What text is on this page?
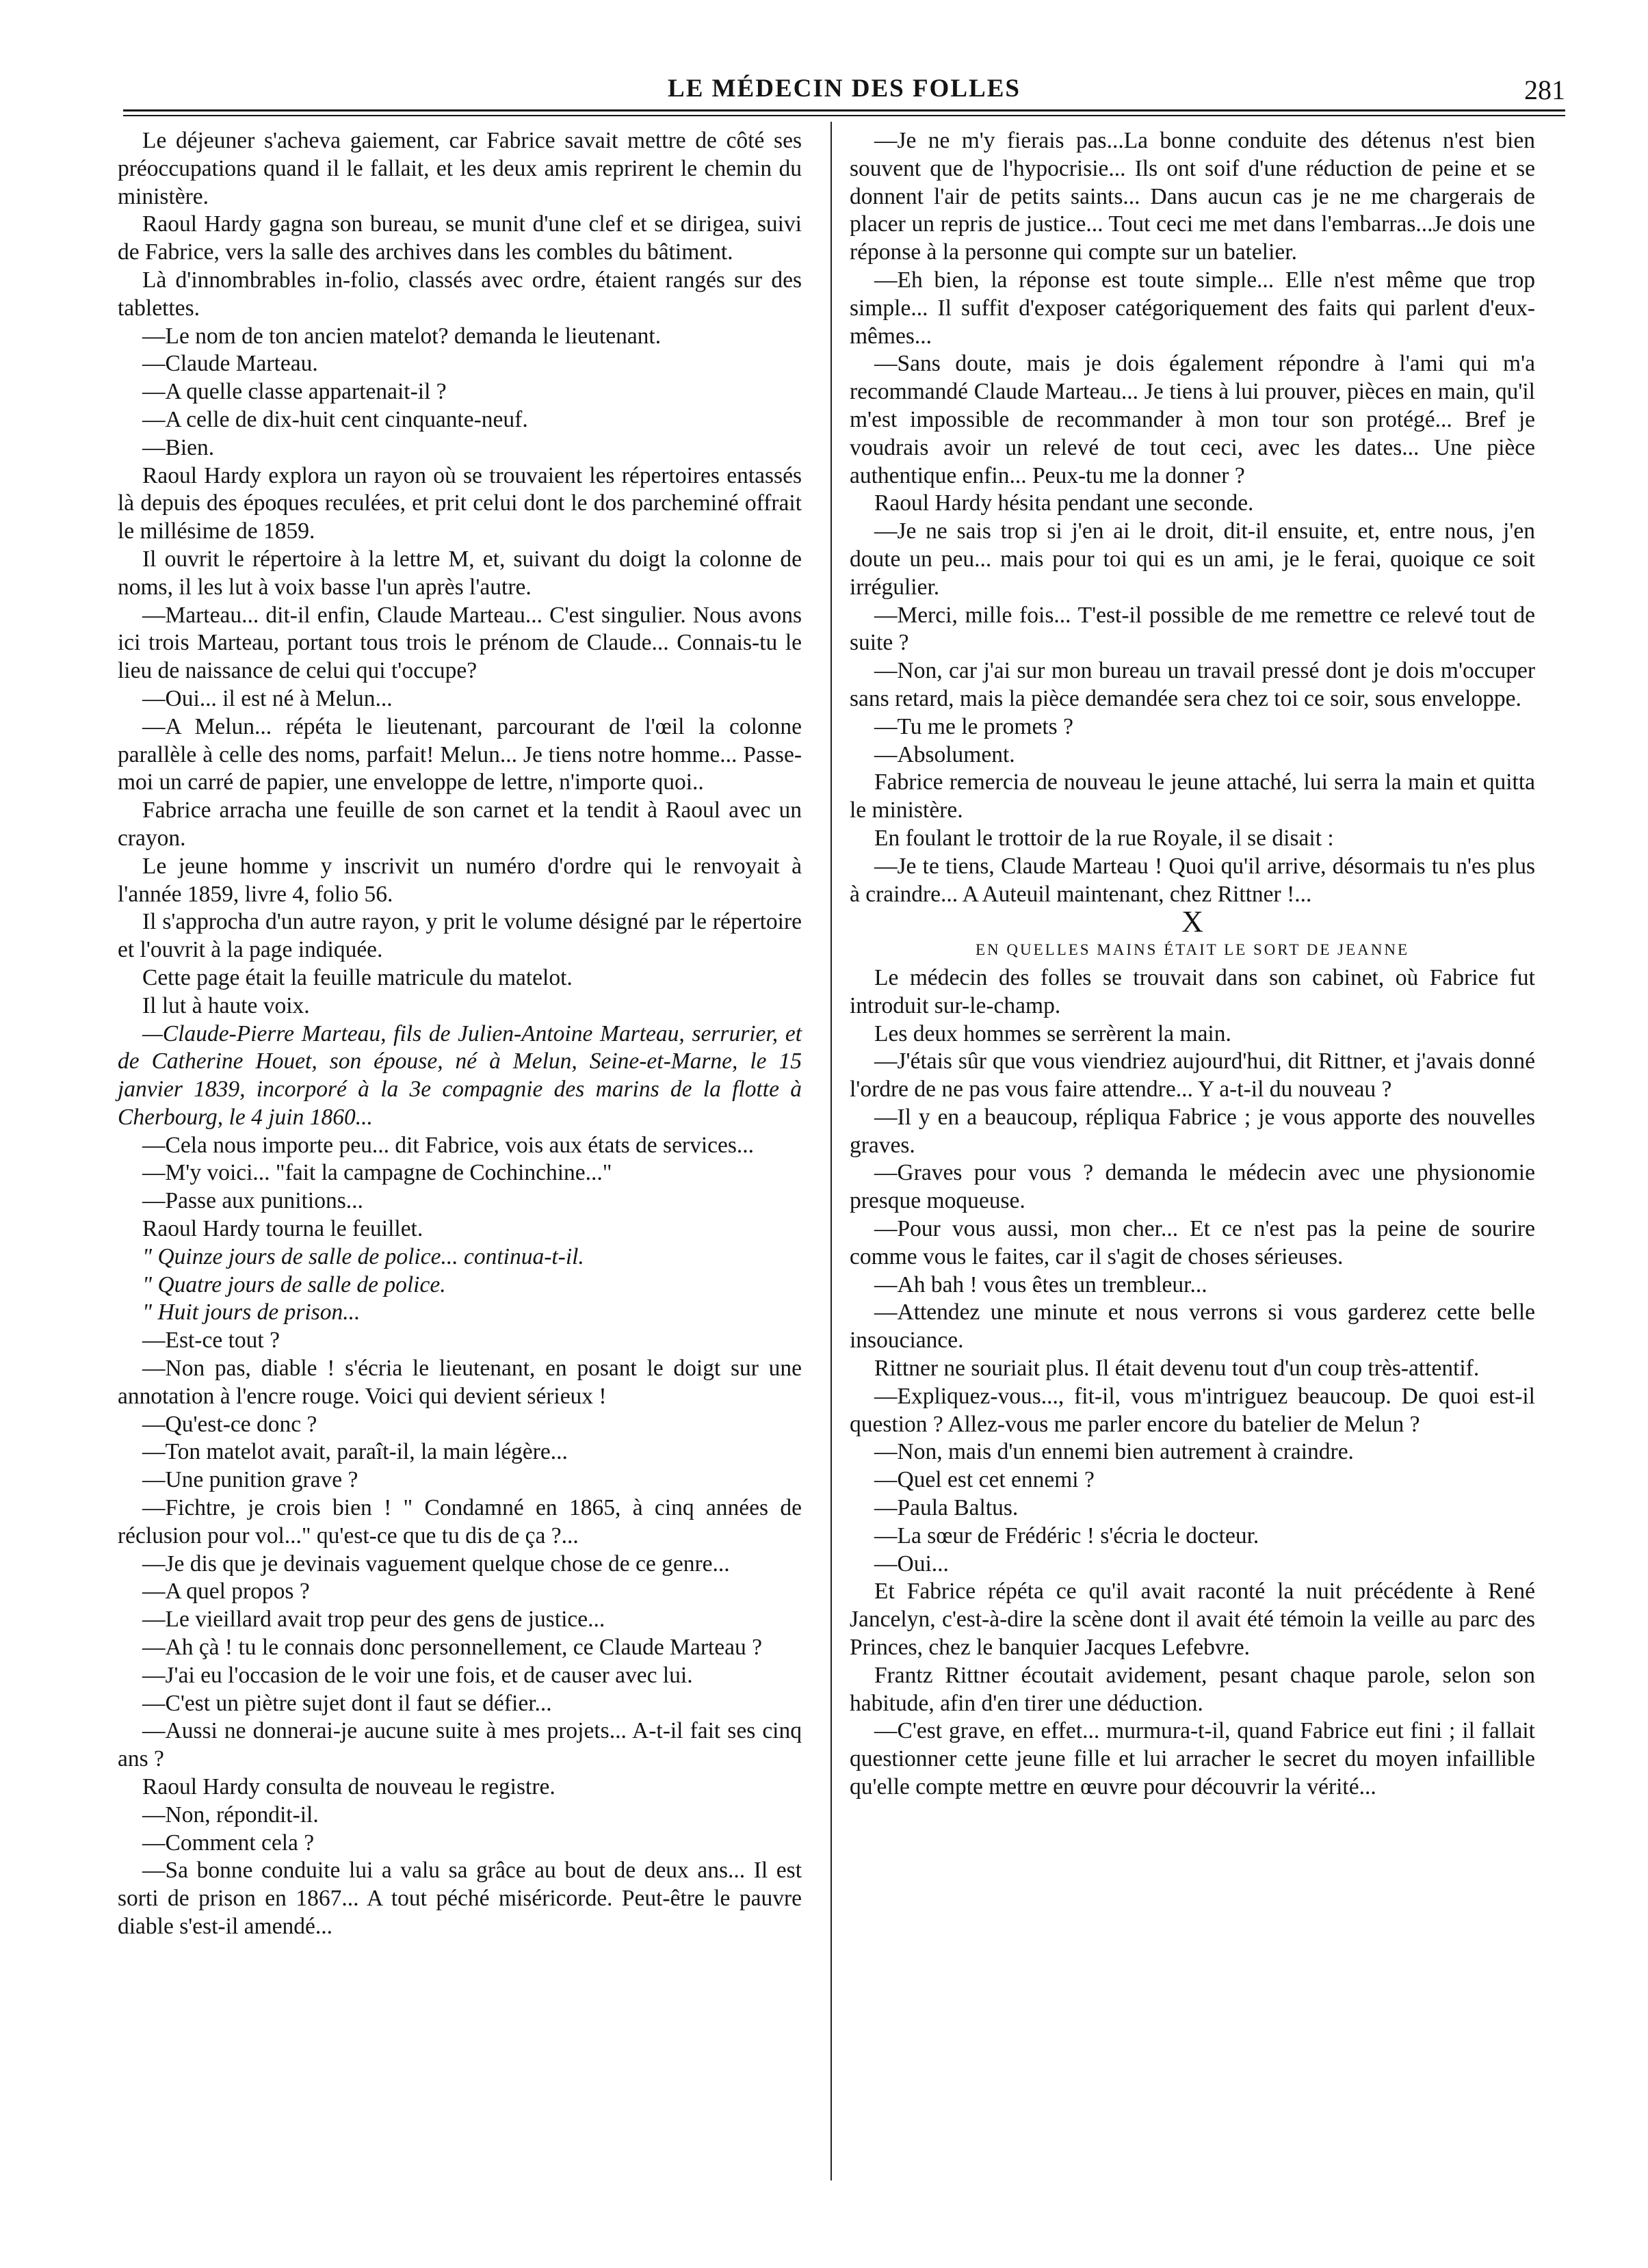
LE MÉDECIN DES FOLLES	281

Le déjeuner s'acheva gaiement, car Fabrice savait mettre de côté ses préoccupations quand il le fallait, et les deux amis reprirent le chemin du ministère.

Raoul Hardy gagna son bureau, se munit d'une clef et se dirigea, suivi de Fabrice, vers la salle des archives dans les combles du bâtiment.

Là d'innombrables in-folio, classés avec ordre, étaient rangés sur des tablettes.

—Le nom de ton ancien matelot? demanda le lieutenant.

—Claude Marteau.

—A quelle classe appartenait-il ?

—A celle de dix-huit cent cinquante-neuf.

—Bien.

Raoul Hardy explora un rayon où se trouvaient les répertoires entassés là depuis des époques reculées, et prit celui dont le dos parcheminé offrait le millésime de 1859.

Il ouvrit le répertoire à la lettre M, et, suivant du doigt la colonne de noms, il les lut à voix basse l'un après l'autre.

—Marteau... dit-il enfin, Claude Marteau... C'est singulier. Nous avons ici trois Marteau, portant tous trois le prénom de Claude... Connais-tu le lieu de naissance de celui qui t'occupe?

—Oui... il est né à Melun...

—A Melun... répéta le lieutenant, parcourant de l'œil la colonne parallèle à celle des noms, parfait! Melun... Je tiens notre homme... Passe-moi un carré de papier, une enveloppe de lettre, n'importe quoi..

Fabrice arracha une feuille de son carnet et la tendit à Raoul avec un crayon.

Le jeune homme y inscrivit un numéro d'ordre qui le renvoyait à l'année 1859, livre 4, folio 56.

Il s'approcha d'un autre rayon, y prit le volume désigné par le répertoire et l'ouvrit à la page indiquée.

Cette page était la feuille matricule du matelot.

Il lut à haute voix.

—Claude-Pierre Marteau, fils de Julien-Antoine Marteau, serrurier, et de Catherine Houet, son épouse, né à Melun, Seine-et-Marne, le 15 janvier 1839, incorporé à la 3e compagnie des marins de la flotte à Cherbourg, le 4 juin 1860...

—Cela nous importe peu... dit Fabrice, vois aux états de services...

—M'y voici... "fait la campagne de Cochinchine..."

—Passe aux punitions...

Raoul Hardy tourna le feuillet.

" Quinze jours de salle de police... continua-t-il.

" Quatre jours de salle de police.

" Huit jours de prison...

—Est-ce tout ?

—Non pas, diable ! s'écria le lieutenant, en posant le doigt sur une annotation à l'encre rouge. Voici qui devient sérieux !

—Qu'est-ce donc ?

—Ton matelot avait, paraît-il, la main légère...

—Une punition grave ?

—Fichtre, je crois bien ! " Condamné en 1865, à cinq années de réclusion pour vol..." qu'est-ce que tu dis de ça ?...

—Je dis que je devinais vaguement quelque chose de ce genre...

—A quel propos ?

—Le vieillard avait trop peur des gens de justice...

—Ah çà ! tu le connais donc personnellement, ce Claude Marteau ?

—J'ai eu l'occasion de le voir une fois, et de causer avec lui.

—C'est un piètre sujet dont il faut se défier...

—Aussi ne donnerai-je aucune suite à mes projets... A-t-il fait ses cinq ans ?

Raoul Hardy consulta de nouveau le registre.

—Non, répondit-il.

—Comment cela ?

—Sa bonne conduite lui a valu sa grâce au bout de deux ans... Il est sorti de prison en 1867... A tout péché miséricorde. Peut-être le pauvre diable s'est-il amendé...

—Je ne m'y fierais pas...La bonne conduite des détenus n'est bien souvent que de l'hypocrisie... Ils ont soif d'une réduction de peine et se donnent l'air de petits saints... Dans aucun cas je ne me chargerais de placer un repris de justice... Tout ceci me met dans l'embarras...Je dois une réponse à la personne qui compte sur un batelier.

—Eh bien, la réponse est toute simple... Elle n'est même que trop simple... Il suffit d'exposer catégoriquement des faits qui parlent d'eux-mêmes...

—Sans doute, mais je dois également répondre à l'ami qui m'a recommandé Claude Marteau... Je tiens à lui prouver, pièces en main, qu'il m'est impossible de recommander à mon tour son protégé... Bref je voudrais avoir un relevé de tout ceci, avec les dates... Une pièce authentique enfin... Peux-tu me la donner ?

Raoul Hardy hésita pendant une seconde.

—Je ne sais trop si j'en ai le droit, dit-il ensuite, et, entre nous, j'en doute un peu... mais pour toi qui es un ami, je le ferai, quoique ce soit irrégulier.

—Merci, mille fois... T'est-il possible de me remettre ce relevé tout de suite ?

—Non, car j'ai sur mon bureau un travail pressé dont je dois m'occuper sans retard, mais la pièce demandée sera chez toi ce soir, sous enveloppe.

—Tu me le promets ?

—Absolument.

Fabrice remercia de nouveau le jeune attaché, lui serra la main et quitta le ministère.

En foulant le trottoir de la rue Royale, il se disait :

—Je te tiens, Claude Marteau ! Quoi qu'il arrive, désormais tu n'es plus à craindre... A Auteuil maintenant, chez Rittner !...

X

EN QUELLES MAINS ÉTAIT LE SORT DE JEANNE

Le médecin des folles se trouvait dans son cabinet, où Fabrice fut introduit sur-le-champ.

Les deux hommes se serrèrent la main.

—J'étais sûr que vous viendriez aujourd'hui, dit Rittner, et j'avais donné l'ordre de ne pas vous faire attendre... Y a-t-il du nouveau ?

—Il y en a beaucoup, répliqua Fabrice ; je vous apporte des nouvelles graves.

—Graves pour vous ? demanda le médecin avec une physionomie presque moqueuse.

—Pour vous aussi, mon cher... Et ce n'est pas la peine de sourire comme vous le faites, car il s'agit de choses sérieuses.

—Ah bah ! vous êtes un trembleur...

—Attendez une minute et nous verrons si vous garderez cette belle insouciance.

Rittner ne souriait plus. Il était devenu tout d'un coup très-attentif.

—Expliquez-vous..., fit-il, vous m'intriguez beaucoup. De quoi est-il question ? Allez-vous me parler encore du batelier de Melun ?

—Non, mais d'un ennemi bien autrement à craindre.

—Quel est cet ennemi ?

—Paula Baltus.

—La sœur de Frédéric ! s'écria le docteur.

—Oui...

Et Fabrice répéta ce qu'il avait raconté la nuit précédente à René Jancelyn, c'est-à-dire la scène dont il avait été témoin la veille au parc des Princes, chez le banquier Jacques Lefebvre.

Frantz Rittner écoutait avidement, pesant chaque parole, selon son habitude, afin d'en tirer une déduction.

—C'est grave, en effet... murmura-t-il, quand Fabrice eut fini ; il fallait questionner cette jeune fille et lui arracher le secret du moyen infaillible qu'elle compte mettre en œuvre pour découvrir la vérité...
